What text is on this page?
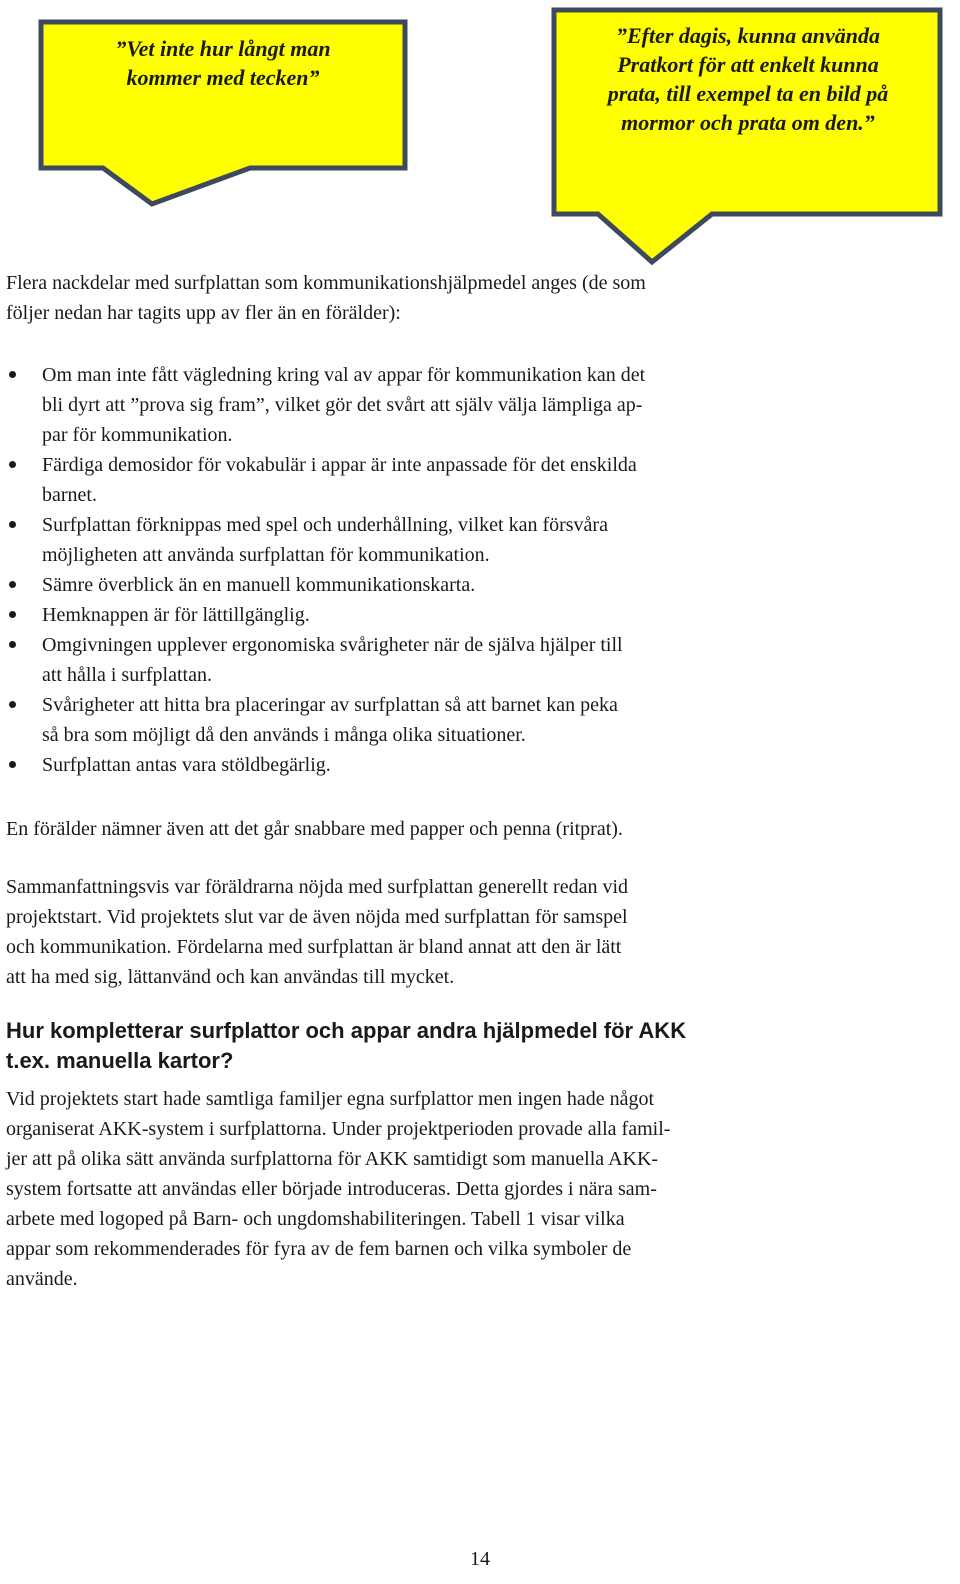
”Vet inte hur långt man
kommer med tecken”
”Efter dagis, kunna använda
Pratkort för att enkelt kunna
prata, till exempel ta en bild på
mormor och prata om den.”
Flera nackdelar med surfplattan som kommunikationshjälpmedel anges (de som
följer nedan har tagits upp av fler än en förälder):
Om man inte fått vägledning kring val av appar för kommunikation kan det
bli dyrt att ”prova sig fram”, vilket gör det svårt att själv välja lämpliga ap-
par för kommunikation.
Färdiga demosidor för vokabulär i appar är inte anpassade för det enskilda
barnet.
Surfplattan förknippas med spel och underhållning, vilket kan försvåra
möjligheten att använda surfplattan för kommunikation.
Sämre överblick än en manuell kommunikationskarta.
Hemknappen är för lättillgänglig.
Omgivningen upplever ergonomiska svårigheter när de själva hjälper till
att hålla i surfplattan.
Svårigheter att hitta bra placeringar av surfplattan så att barnet kan peka
så bra som möjligt då den används i många olika situationer.
Surfplattan antas vara stöldbegärlig.
En förälder nämner även att det går snabbare med papper och penna (ritprat).
Sammanfattningsvis var föräldrarna nöjda med surfplattan generellt redan vid
projektstart. Vid projektets slut var de även nöjda med surfplattan för samspel
och kommunikation. Fördelarna med surfplattan är bland annat att den är lätt
att ha med sig, lättanvänd och kan användas till mycket.
Hur kompletterar surfplattor och appar andra hjälpmedel för AKK
t.ex. manuella kartor?
Vid projektets start hade samtliga familjer egna surfplattor men ingen hade något
organiserat AKK-system i surfplattorna. Under projektperioden provade alla famil-
jer att på olika sätt använda surfplattorna för AKK samtidigt som manuella AKK-
system fortsatte att användas eller började introduceras. Detta gjordes i nära sam-
arbete med logoped på Barn- och ungdomshabiliteringen. Tabell 1 visar vilka
appar som rekommenderades för fyra av de fem barnen och vilka symboler de
använde.
14
